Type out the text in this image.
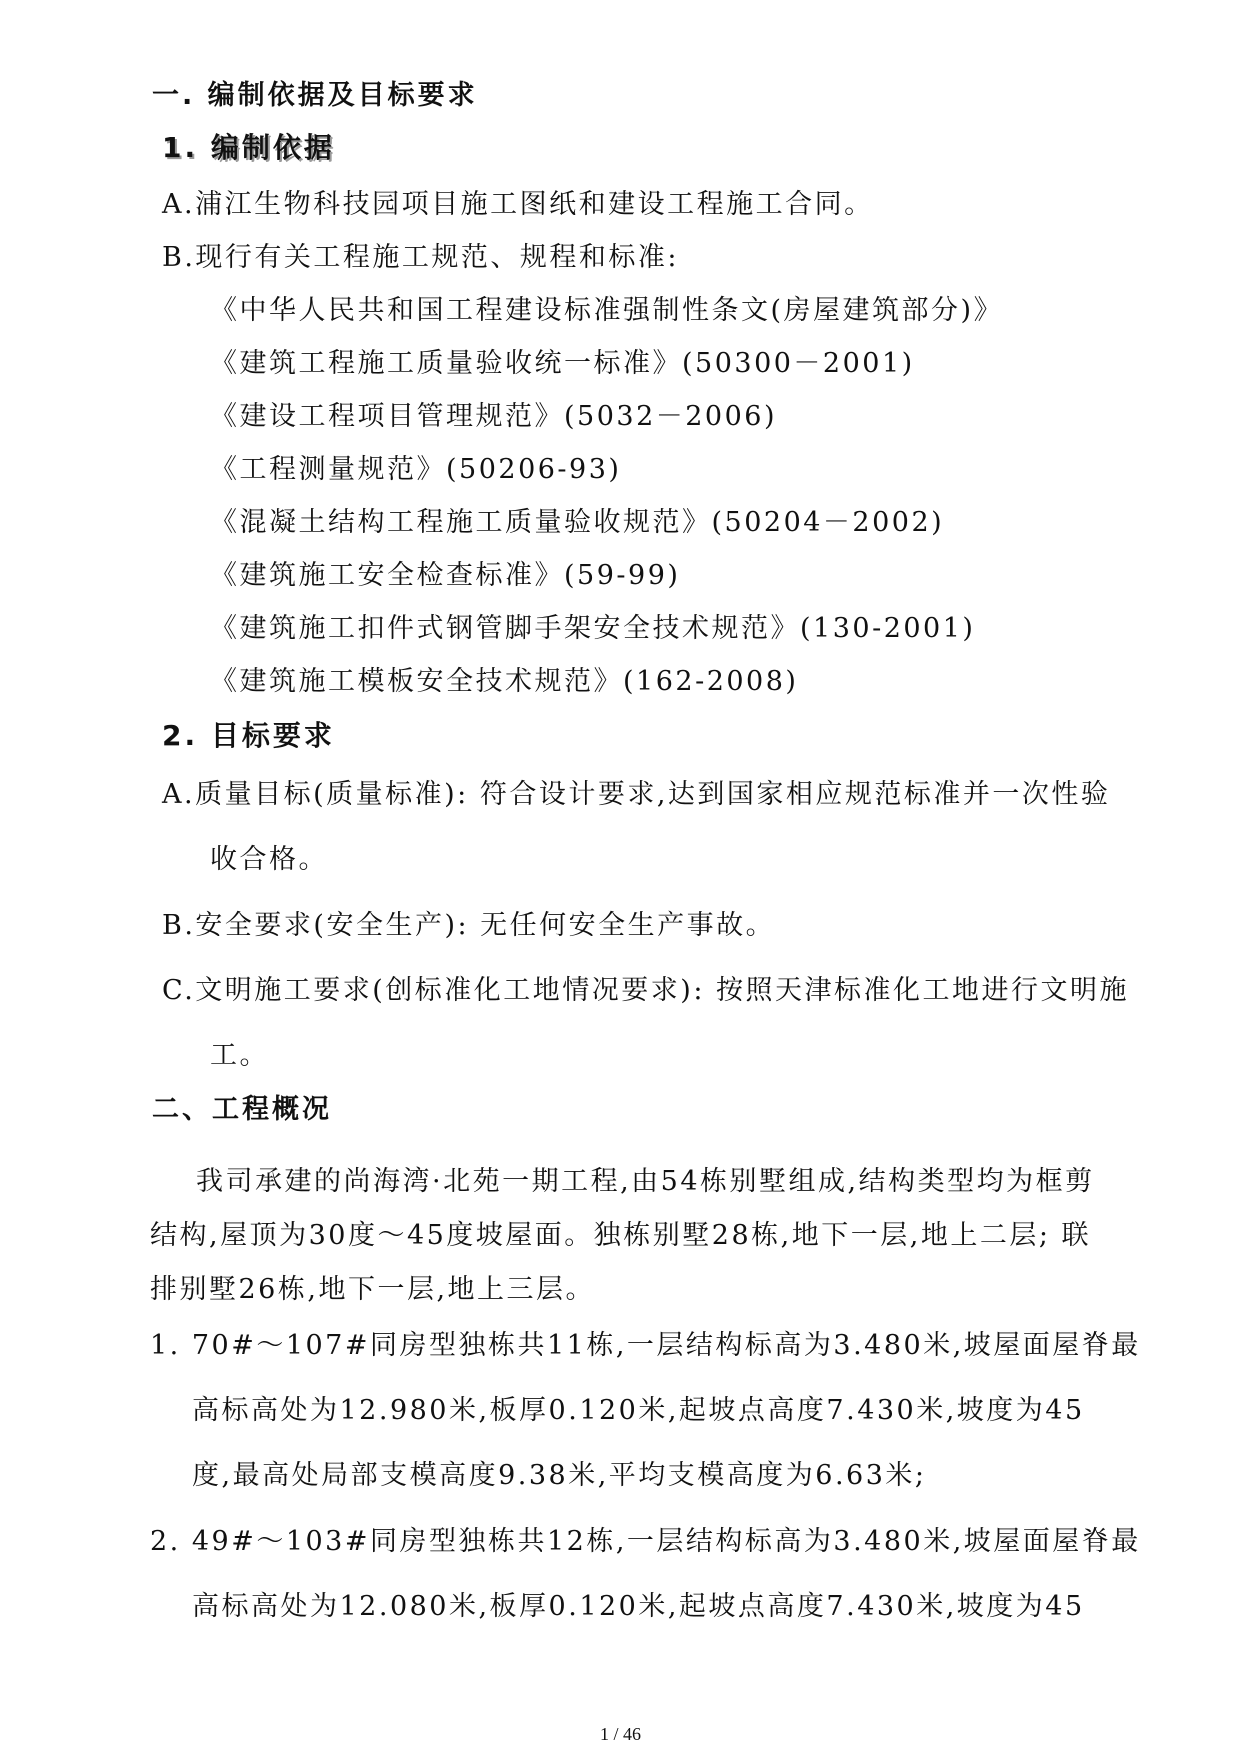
一. 编制依据及目标要求
1. 编制依据
A.浦江生物科技园项目施工图纸和建设工程施工合同。
B.现行有关工程施工规范、规程和标准:
《中华人民共和国工程建设标准强制性条文(房屋建筑部分)》
《建筑工程施工质量验收统一标准》(50300－2001)
《建设工程项目管理规范》(5032－2006)
《工程测量规范》(50206-93)
《混凝土结构工程施工质量验收规范》(50204－2002)
《建筑施工安全检查标准》(59-99)
《建筑施工扣件式钢管脚手架安全技术规范》(130-2001)
《建筑施工模板安全技术规范》(162-2008)
2. 目标要求
A.质量目标(质量标准): 符合设计要求,达到国家相应规范标准并一次性验
收合格。
B.安全要求(安全生产): 无任何安全生产事故。
C.文明施工要求(创标准化工地情况要求): 按照天津标准化工地进行文明施
工。
二、工程概况
我司承建的尚海湾·北苑一期工程,由54栋别墅组成,结构类型均为框剪
结构,屋顶为30度～45度坡屋面。独栋别墅28栋,地下一层,地上二层; 联
排别墅26栋,地下一层,地上三层。
1. 70#～107#同房型独栋共11栋,一层结构标高为3.480米,坡屋面屋脊最
高标高处为12.980米,板厚0.120米,起坡点高度7.430米,坡度为45
度,最高处局部支模高度9.38米,平均支模高度为6.63米;
2. 49#～103#同房型独栋共12栋,一层结构标高为3.480米,坡屋面屋脊最
高标高处为12.080米,板厚0.120米,起坡点高度7.430米,坡度为45
1 / 46
